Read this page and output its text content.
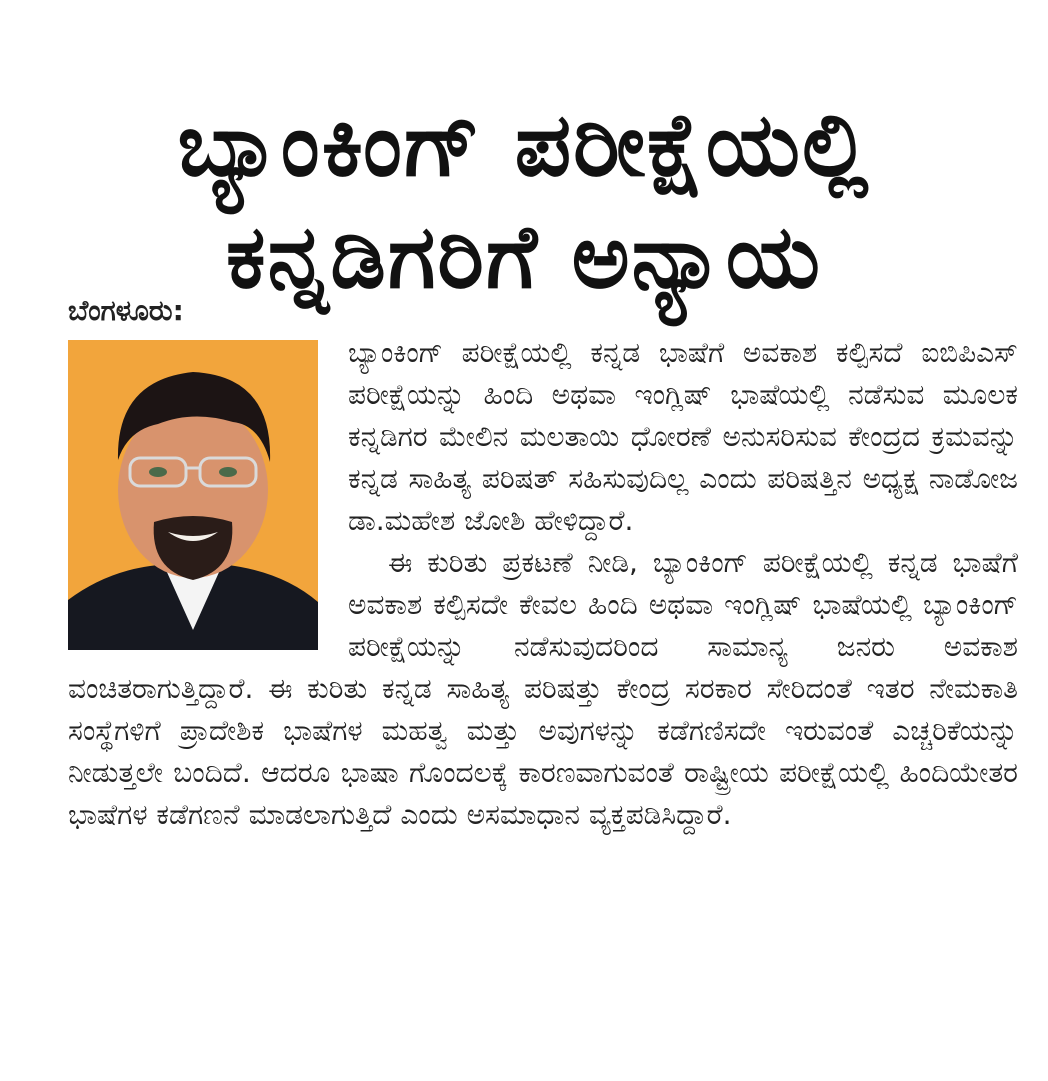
ಬ್ಯಾಂಕಿಂಗ್ ಪರೀಕ್ಷೆಯಲ್ಲಿ
ಕನ್ನಡಿಗರಿಗೆ ಅನ್ಯಾಯ

ಬೆಂಗಳೂರು:

ಬ್ಯಾಂಕಿಂಗ್ ಪರೀಕ್ಷೆಯಲ್ಲಿ ಕನ್ನಡ ಭಾಷೆಗೆ ಅವಕಾಶ ಕಲ್ಪಿಸದೆ ಐಬಿಪಿಎಸ್ ಪರೀಕ್ಷೆಯನ್ನು ಹಿಂದಿ ಅಥವಾ ಇಂಗ್ಲಿಷ್ ಭಾಷೆಯಲ್ಲಿ ನಡೆಸುವ ಮೂಲಕ ಕನ್ನಡಿಗರ ಮೇಲಿನ ಮಲತಾಯಿ ಧೋರಣೆ ಅನುಸರಿಸುವ ಕೇಂದ್ರದ ಕ್ರಮವನ್ನು ಕನ್ನಡ ಸಾಹಿತ್ಯ ಪರಿಷತ್ ಸಹಿಸುವುದಿಲ್ಲ ಎಂದು ಪರಿಷತ್ತಿನ ಅಧ್ಯಕ್ಷ ನಾಡೋಜ ಡಾ.ಮಹೇಶ ಜೋಶಿ ಹೇಳಿದ್ದಾರೆ.

ಈ ಕುರಿತು ಪ್ರಕಟಣೆ ನೀಡಿ, ಬ್ಯಾಂಕಿಂಗ್ ಪರೀಕ್ಷೆಯಲ್ಲಿ ಕನ್ನಡ ಭಾಷೆಗೆ ಅವಕಾಶ ಕಲ್ಪಿಸದೇ ಕೇವಲ ಹಿಂದಿ ಅಥವಾ ಇಂಗ್ಲಿಷ್ ಭಾಷೆಯಲ್ಲಿ ಬ್ಯಾಂಕಿಂಗ್ ಪರೀಕ್ಷೆಯನ್ನು ನಡೆಸುವುದರಿಂದ ಸಾಮಾನ್ಯ ಜನರು ಅವಕಾಶ ವಂಚಿತರಾಗುತ್ತಿದ್ದಾರೆ. ಈ ಕುರಿತು ಕನ್ನಡ ಸಾಹಿತ್ಯ ಪರಿಷತ್ತು ಕೇಂದ್ರ ಸರಕಾರ ಸೇರಿದಂತೆ ಇತರ ನೇಮಕಾತಿ ಸಂಸ್ಥೆಗಳಿಗೆ ಪ್ರಾದೇಶಿಕ ಭಾಷೆಗಳ ಮಹತ್ವ ಮತ್ತು ಅವುಗಳನ್ನು ಕಡೆಗಣಿಸದೇ ಇರುವಂತೆ ಎಚ್ಚರಿಕೆಯನ್ನು ನೀಡುತ್ತಲೇ ಬಂದಿದೆ. ಆದರೂ ಭಾಷಾ ಗೊಂದಲಕ್ಕೆ ಕಾರಣವಾಗುವಂತೆ ರಾಷ್ಟ್ರೀಯ ಪರೀಕ್ಷೆಯಲ್ಲಿ ಹಿಂದಿಯೇತರ ಭಾಷೆಗಳ ಕಡೆಗಣನೆ ಮಾಡಲಾಗುತ್ತಿದೆ ಎಂದು ಅಸಮಾಧಾನ ವ್ಯಕ್ತಪಡಿಸಿದ್ದಾರೆ.
